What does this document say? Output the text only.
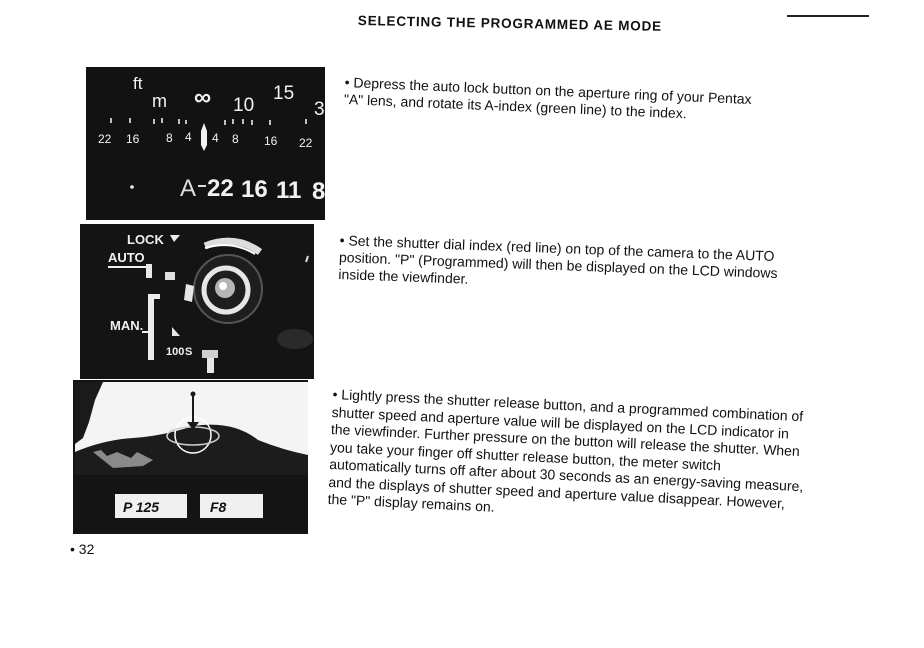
SELECTING THE PROGRAMMED AE MODE
ft
m ∞ 10
15
3
22 16 8 4 4 8 16 22
A 22 16 11 8
LOCK
AUTO
MAN.
100 S
P 125	F8
• Depress the auto lock button on the aperture ring of your Pentax "A" lens, and rotate its A-index (green line) to the index.
• Set the shutter dial index (red line) on top of the camera to the AUTO position. "P" (Programmed) will then be displayed on the LCD windows inside the viewfinder.
• Lightly press the shutter release button, and a programmed combination of shutter speed and aperture value will be displayed on the LCD indicator in the viewfinder. Further pressure on the button will release the shutter. When you take your finger off shutter release button, the meter switch automatically turns off after about 30 seconds as an energy-saving measure, and the displays of shutter speed and aperture value disappear. However, the "P" display remains on.
• 32
